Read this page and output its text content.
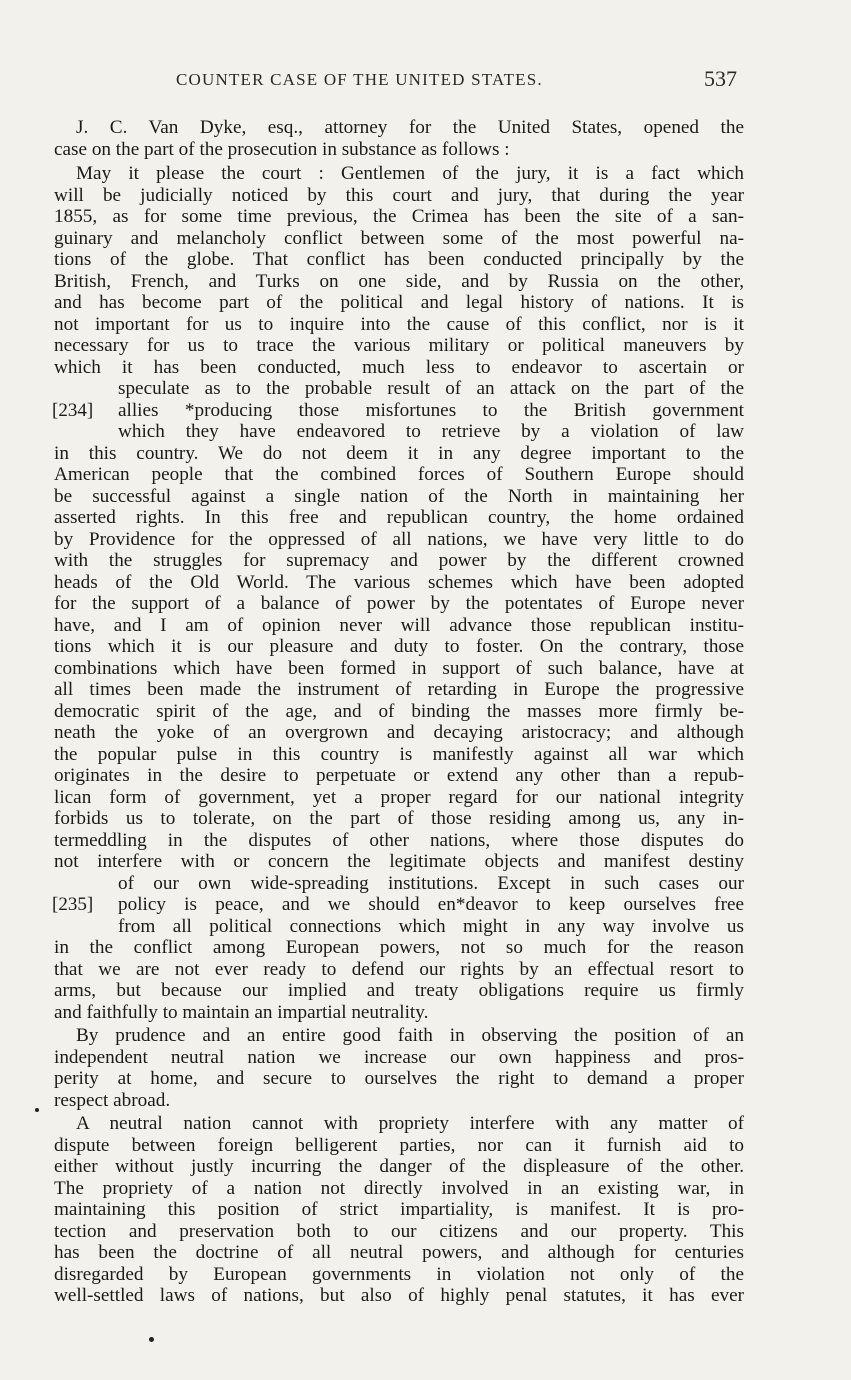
COUNTER CASE OF THE UNITED STATES.	537
J. C. Van Dyke, esq., attorney for the United States, opened the
case on the part of the prosecution in substance as follows :
May it please the court : Gentlemen of the jury, it is a fact which
will be judicially noticed by this court and jury, that during the year
1855, as for some time previous, the Crimea has been the site of a san-
guinary and melancholy conflict between some of the most powerful na-
tions of the globe. That conflict has been conducted principally by the
British, French, and Turks on one side, and by Russia on the other,
and has become part of the political and legal history of nations. It is
not important for us to inquire into the cause of this conflict, nor is it
necessary for us to trace the various military or political maneuvers by
which it has been conducted, much less to endeavor to ascertain or
speculate as to the probable result of an attack on the part of the
[234] allies *producing those misfortunes to the British government
which they have endeavored to retrieve by a violation of law
in this country. We do not deem it in any degree important to the
American people that the combined forces of Southern Europe should
be successful against a single nation of the North in maintaining her
asserted rights. In this free and republican country, the home ordained
by Providence for the oppressed of all nations, we have very little to do
with the struggles for supremacy and power by the different crowned
heads of the Old World. The various schemes which have been adopted
for the support of a balance of power by the potentates of Europe never
have, and I am of opinion never will advance those republican institu-
tions which it is our pleasure and duty to foster. On the contrary, those
combinations which have been formed in support of such balance, have at
all times been made the instrument of retarding in Europe the progressive
democratic spirit of the age, and of binding the masses more firmly be-
neath the yoke of an overgrown and decaying aristocracy; and although
the popular pulse in this country is manifestly against all war which
originates in the desire to perpetuate or extend any other than a repub-
lican form of government, yet a proper regard for our national integrity
forbids us to tolerate, on the part of those residing among us, any in-
termeddling in the disputes of other nations, where those disputes do
not interfere with or concern the legitimate objects and manifest destiny
of our own wide-spreading institutions. Except in such cases our
[235] policy is peace, and we should en*deavor to keep ourselves free
from all political connections which might in any way involve us
in the conflict among European powers, not so much for the reason
that we are not ever ready to defend our rights by an effectual resort to
arms, but because our implied and treaty obligations require us firmly
and faithfully to maintain an impartial neutrality.
By prudence and an entire good faith in observing the position of an
independent neutral nation we increase our own happiness and pros-
perity at home, and secure to ourselves the right to demand a proper
respect abroad.
A neutral nation cannot with propriety interfere with any matter of
dispute between foreign belligerent parties, nor can it furnish aid to
either without justly incurring the danger of the displeasure of the other.
The propriety of a nation not directly involved in an existing war, in
maintaining this position of strict impartiality, is manifest. It is pro-
tection and preservation both to our citizens and our property. This
has been the doctrine of all neutral powers, and although for centuries
disregarded by European governments in violation not only of the
well-settled laws of nations, but also of highly penal statutes, it has ever
